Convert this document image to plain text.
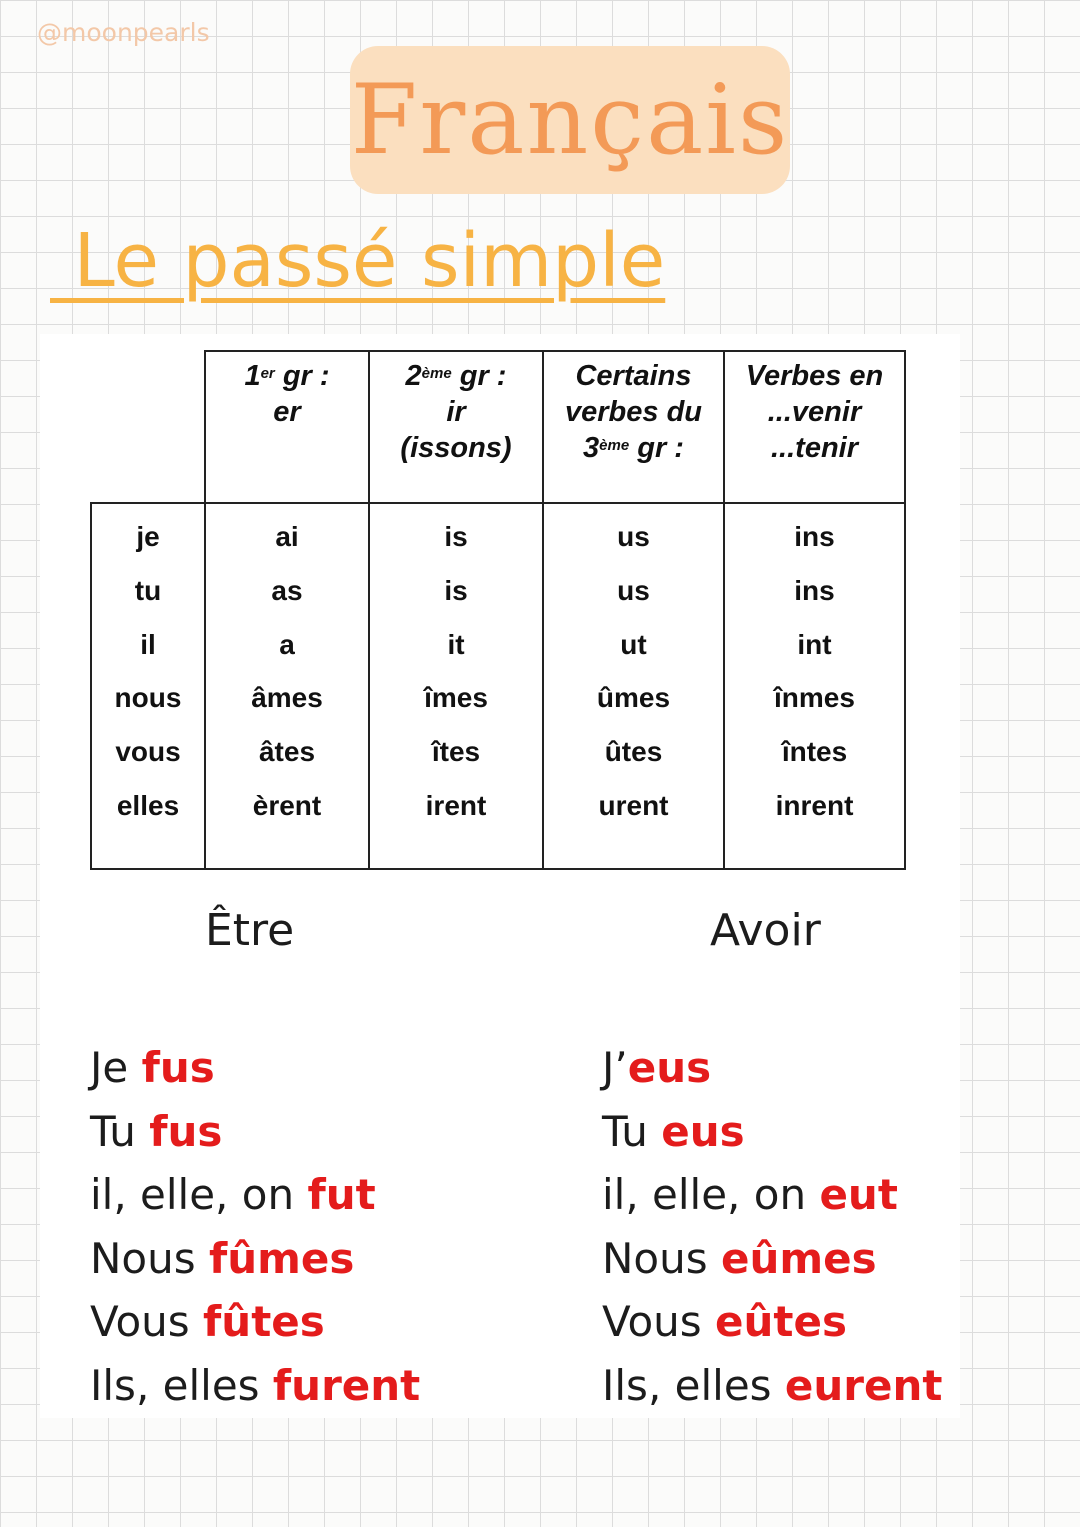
@moonpearls
Français
Le passé simple
1er gr :
er
2ème gr :
ir
(issons)
Certains
verbes du
3ème gr :
Verbes en
...venir
...tenir
je
tu
il
nous
vous
elles
ai
as
a
âmes
âtes
èrent
is
is
it
îmes
îtes
irent
us
us
ut
ûmes
ûtes
urent
ins
ins
int
înmes
întes
inrent
Être	Avoir
Je fus
Tu fus
il, elle, on fut
Nous fûmes
Vous fûtes
Ils, elles furent
J’eus
Tu eus
il, elle, on eut
Nous eûmes
Vous eûtes
Ils, elles eurent
